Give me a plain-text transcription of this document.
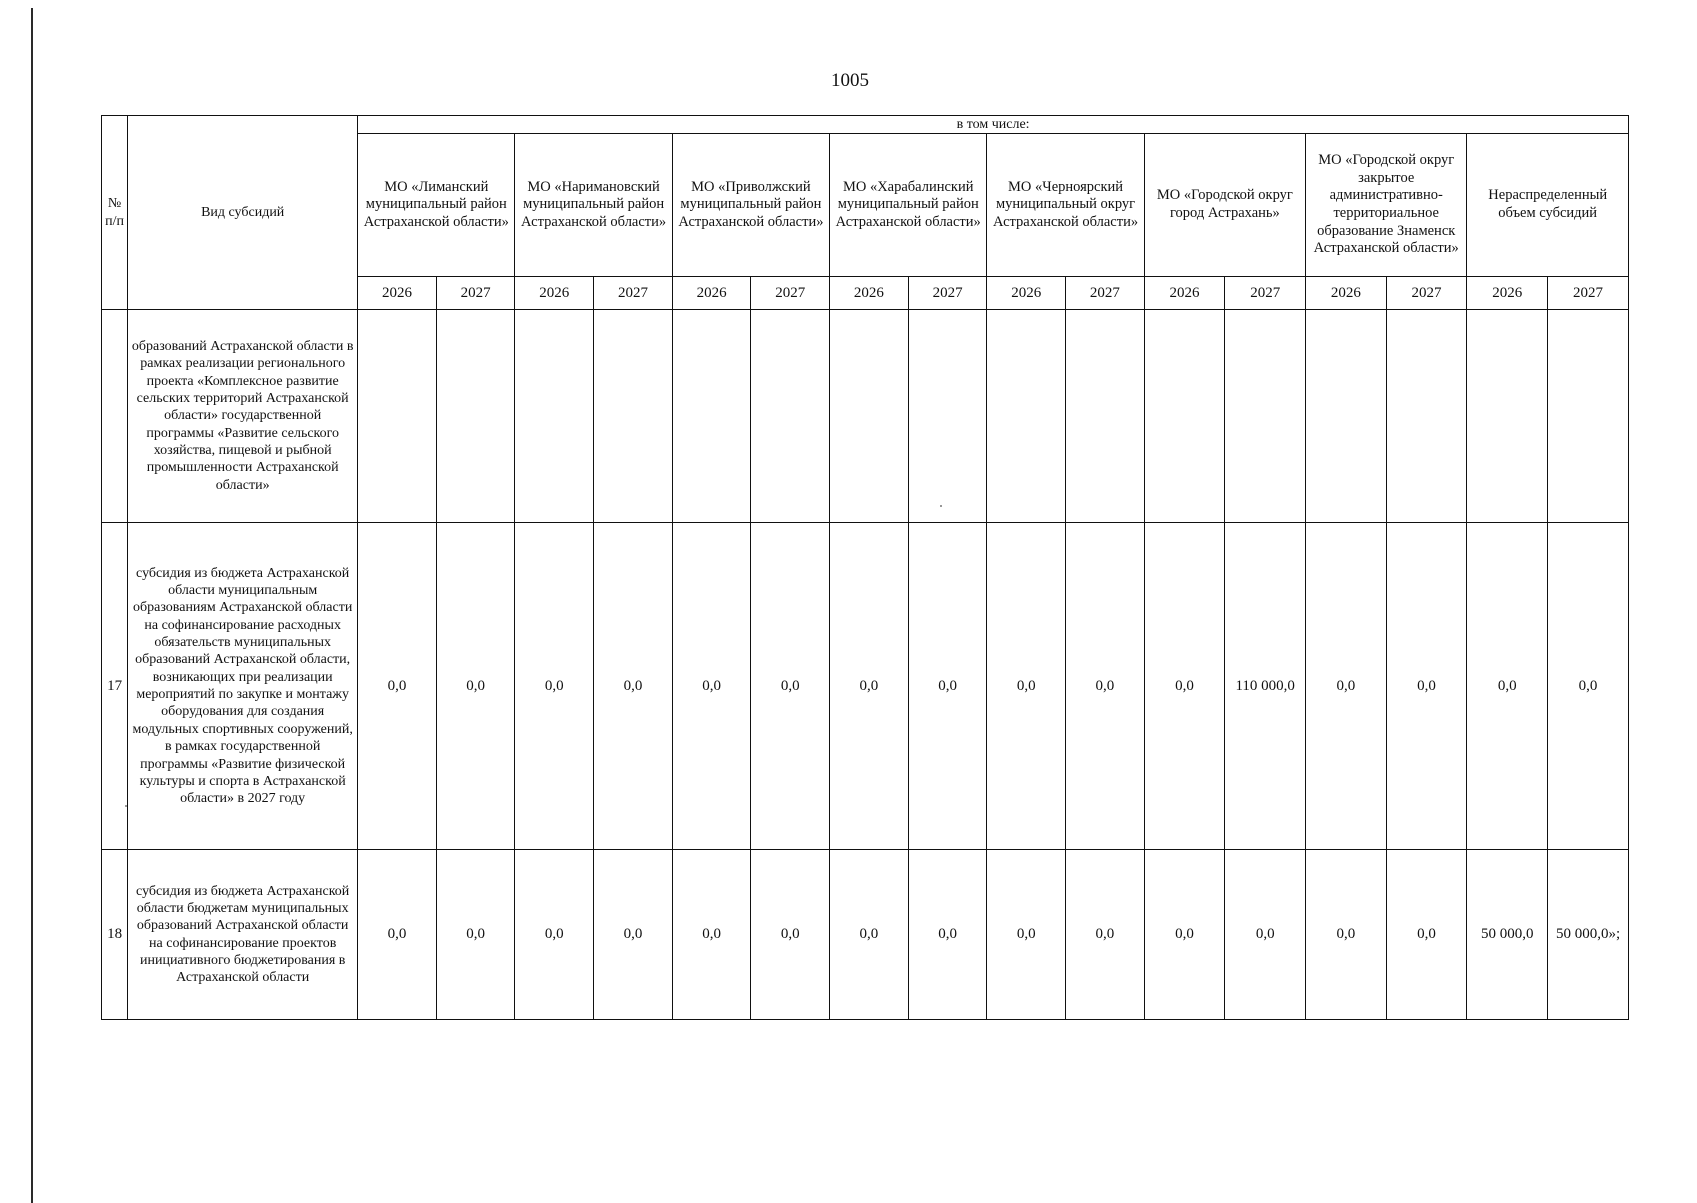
1005
№ п/п	Вид субсидий	в том числе:															
		МО «Лиманский муниципальный район Астраханской области»		МО «Наримановский муниципальный район Астраханской области»		МО «Приволжский муниципальный район Астраханской области»		МО «Харабалинский муниципальный район Астраханской области»		МО «Черноярский муниципальный округ Астраханской области»		МО «Городской округ город Астрахань»		МО «Городской округ закрытое административно-территориальное образование Знаменск Астраханской области»		Нераспределенный объем субсидий	
		2026	2027	2026	2027	2026	2027	2026	2027	2026	2027	2026	2027	2026	2027	2026	2027
	образований Астраханской области в рамках реализации регионального проекта «Комплексное развитие сельских территорий Астраханской области» государственной программы «Развитие сельского хозяйства, пищевой и рыбной промышленности Астраханской области»																
17	субсидия из бюджета Астраханской области муниципальным образованиям Астраханской области на софинансирование расходных обязательств муниципальных образований Астраханской области, возникающих при реализации мероприятий по закупке и монтажу оборудования для создания модульных спортивных сооружений, в рамках государственной программы «Развитие физической культуры и спорта в Астраханской области» в 2027 году	0,0	0,0	0,0	0,0	0,0	0,0	0,0	0,0	0,0	0,0	0,0	110 000,0	0,0	0,0	0,0	0,0
18	субсидия из бюджета Астраханской области бюджетам муниципальных образований Астраханской области на софинансирование проектов инициативного бюджетирования в Астраханской области	0,0	0,0	0,0	0,0	0,0	0,0	0,0	0,0	0,0	0,0	0,0	0,0	0,0	0,0	50 000,0	50 000,0»;
